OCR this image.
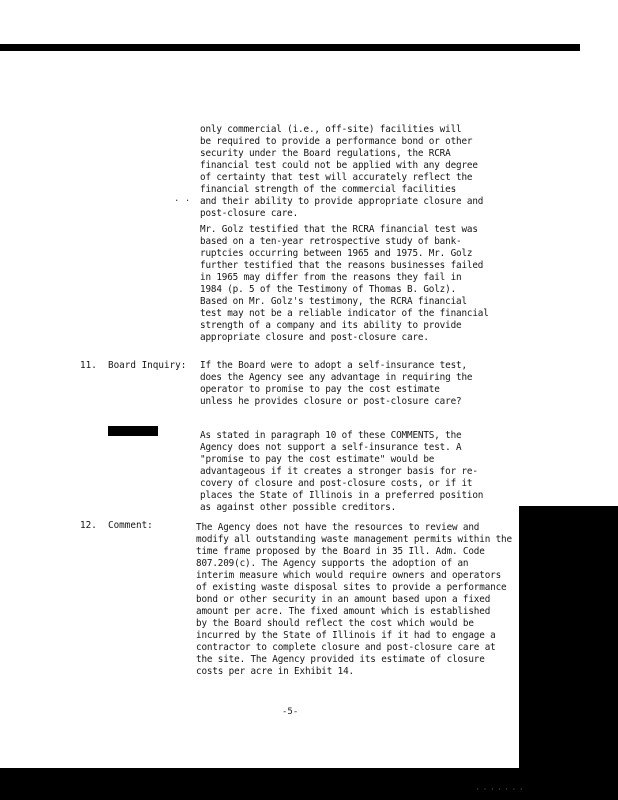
only commercial (i.e., off-site) facilities will
be required to provide a performance bond or other
security under the Board regulations, the RCRA
financial test could not be applied with any degree
of certainty that test will accurately reflect the
financial strength of the commercial facilities
and their ability to provide appropriate closure and
post-closure care.
. .
Mr. Golz testified that the RCRA financial test was
based on a ten-year retrospective study of bank-
ruptcies occurring between 1965 and 1975. Mr. Golz
further testified that the reasons businesses failed
in 1965 may differ from the reasons they fail in
1984 (p. 5 of the Testimony of Thomas B. Golz).
Based on Mr. Golz's testimony, the RCRA financial
test may not be a reliable indicator of the financial
strength of a company and its ability to provide
appropriate closure and post-closure care.
11.  Board Inquiry: If the Board were to adopt a self-insurance test,
does the Agency see any advantage in requiring the
operator to promise to pay the cost estimate
unless he provides closure or post-closure care?
As stated in paragraph 10 of these COMMENTS, the
Agency does not support a self-insurance test. A
"promise to pay the cost estimate" would be
advantageous if it creates a stronger basis for re-
covery of closure and post-closure costs, or if it
places the State of Illinois in a preferred position
as against other possible creditors.
12.  Comment:	The Agency does not have the resources to review and
modify all outstanding waste management permits within the
time frame proposed by the Board in 35 Ill. Adm. Code
807.209(c). The Agency supports the adoption of an
interim measure which would require owners and operators
of existing waste disposal sites to provide a performance
bond or other security in an amount based upon a fixed
amount per acre. The fixed amount which is established
by the Board should reflect the cost which would be
incurred by the State of Illinois if it had to engage a
contractor to complete closure and post-closure care at
the site. The Agency provided its estimate of closure
costs per acre in Exhibit 14.
-5-
· · · · · · ·
